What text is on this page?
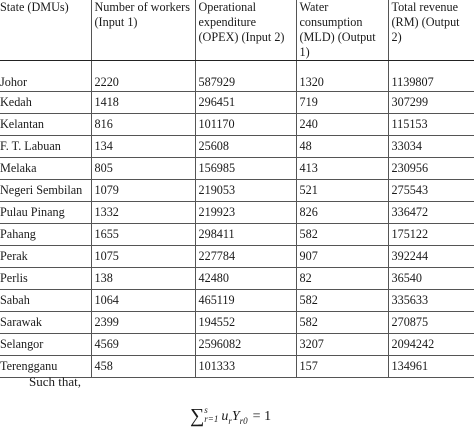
State (DMUs)	Number of workers (Input 1)	Operational expenditure (OPEX) (Input 2)	Water consumption (MLD) (Output 1)	Total revenue (RM) (Output 2)
Johor	2220	587929	1320	1139807
Kedah	1418	296451	719	307299
Kelantan	816	101170	240	115153
F. T. Labuan	134	25608	48	33034
Melaka	805	156985	413	230956
Negeri Sembilan	1079	219053	521	275543
Pulau Pinang	1332	219923	826	336472
Pahang	1655	298411	582	175122
Perak	1075	227784	907	392244
Perlis	138	42480	82	36540
Sabah	1064	465119	582	335633
Sarawak	2399	194552	582	270875
Selangor	4569	2596082	3207	2094242
Terengganu	458	101333	157	134961

Such that,

∑ s
r=1 $u_rY_{r0} = 1$
